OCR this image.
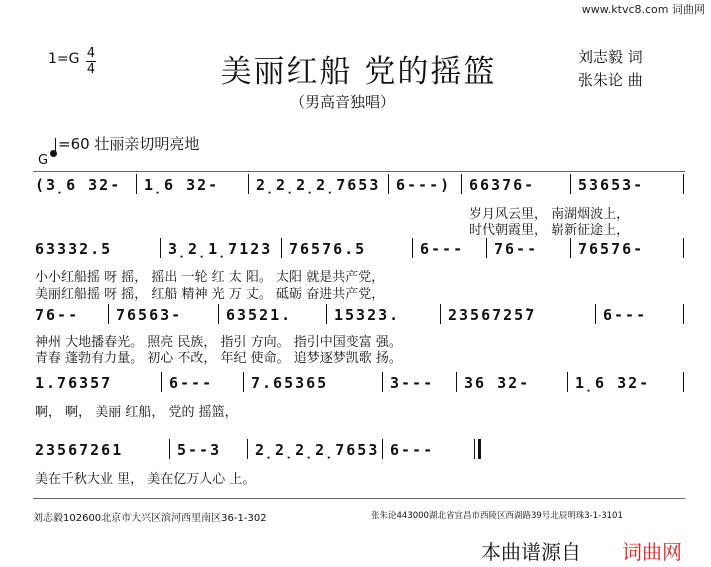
www.ktvc8.com 词曲网
1=G 4
4	美丽红船 党的摇篮
（男高音独唱）
刘志毅 词
张朱论 曲
G
=60 壮丽亲切明亮地
(3̣6 32- 1̣6 32- 2̣2̣2̣2̣7653 6---) 66376-	53653-
岁月风云里， 南湖烟波上，
时代朝霞里， 崭新征途上，
63332.5	3̣2̣1̣7123 76576.5	6--- 76--	76576-
小小红船摇 呀 摇， 摇出 一轮 红 太 阳。 太阳 就是共产党，
美丽红船摇 呀 摇， 红船 精神 光 万 丈。 砥砺 奋进共产党，
76-- 76563-	63521.	15323.	2356725̇7	6---
神州 大地播春光。 照亮 民族， 指引 方向。 指引中国变富 强。
青春 蓬勃有力量。 初心 不改， 年纪 使命。 追梦逐梦凯歌 扬。
1.76357	6---	7.65365	3--- 36 32-	1̣6 32-
啊， 啊， 美丽 红船， 党的 摇篮，
23567261	5--3 2̣2̣2̣2̣7653 6---
美在千秋大业 里， 美在亿万人心 上。
刘志毅102600北京市大兴区滨河西里南区36-1-302	张朱论443000湖北省宜昌市西陵区西湖路39号北辰明珠3-1-3101
本曲谱源自 词曲网
